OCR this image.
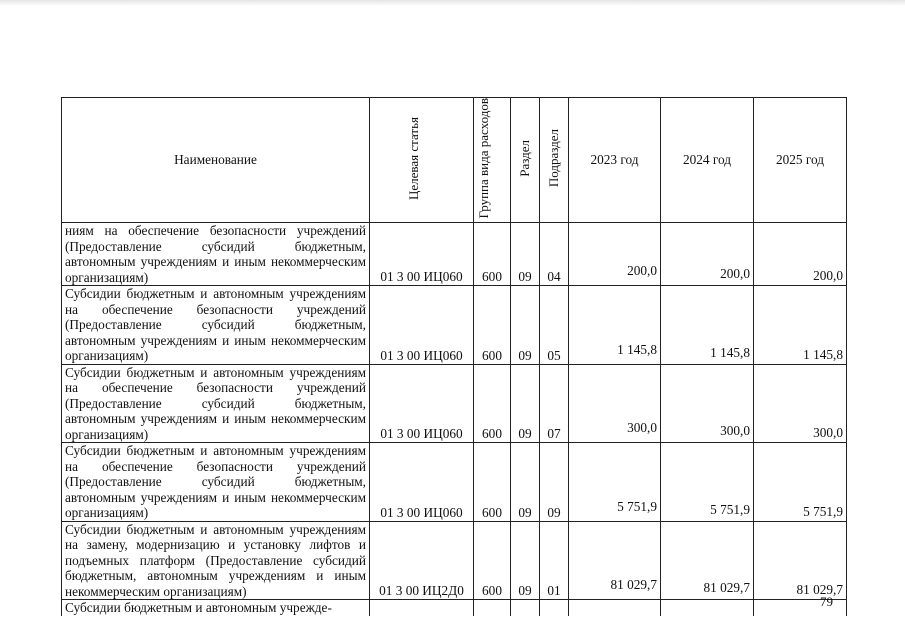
Наименование	Целевая статья	Группа вида расходов	Раздел	Подраздел	2023 год	2024 год	2025 год
ниям на обеспечение безопасности учреждений (Предоставление субсидий бюджетным, автономным учреждениям и иным некоммерческим организациям)	01 3 00 ИЦ060	600	09	04	200,0	200,0	200,0
Субсидии бюджетным и автономным учреждениям на обеспечение безопасности учреждений (Предоставление субсидий бюджетным, автономным учреждениям и иным некоммерческим организациям)	01 3 00 ИЦ060	600	09	05	1 145,8	1 145,8	1 145,8
Субсидии бюджетным и автономным учреждениям на обеспечение безопасности учреждений (Предоставление субсидий бюджетным, автономным учреждениям и иным некоммерческим организациям)	01 3 00 ИЦ060	600	09	07	300,0	300,0	300,0
Субсидии бюджетным и автономным учреждениям на обеспечение безопасности учреждений (Предоставление субсидий бюджетным, автономным учреждениям и иным некоммерческим организациям)	01 3 00 ИЦ060	600	09	09	5 751,9	5 751,9	5 751,9
Субсидии бюджетным и автономным учреждениям на замену, модернизацию и установку лифтов и подъемных платформ (Предоставление субсидий бюджетным, автономным учреждениям и иным некоммерческим организациям)	01 3 00 ИЦ2Д0	600	09	01	81 029,7	81 029,7	81 029,7
Субсидии бюджетным и автономным учрежде-								79
